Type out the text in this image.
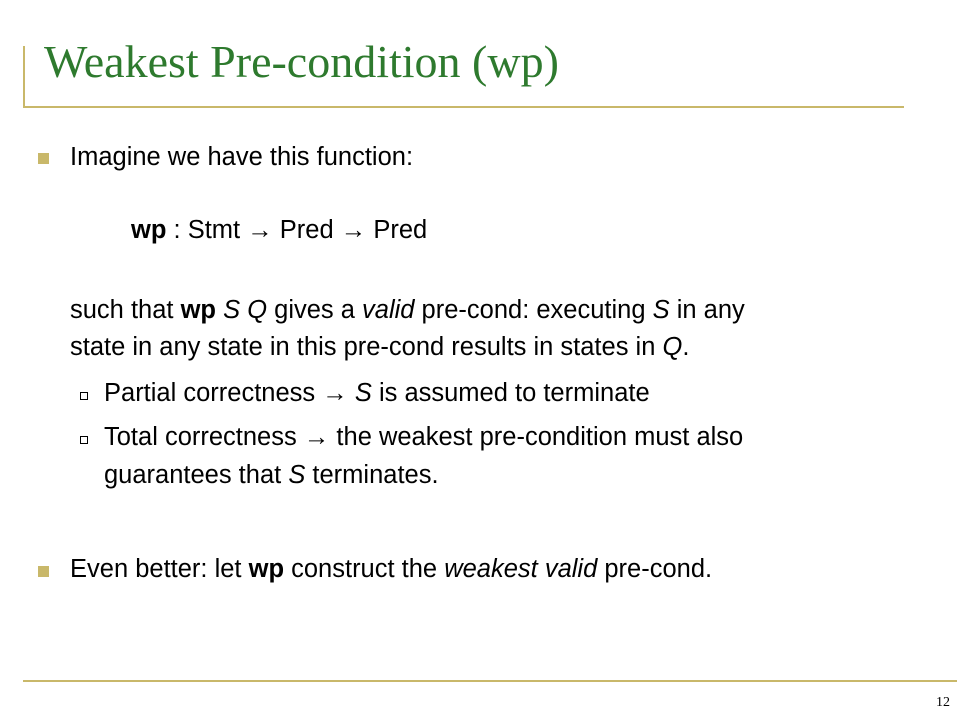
Weakest Pre-condition (wp)
Imagine we have this function:
wp : Stmt → Pred → Pred
such that wp S Q gives a valid pre-cond: executing S in any
state in any state in this pre-cond results in states in Q.
Partial correctness → S is assumed to terminate
Total correctness → the weakest pre-condition must also
guarantees that S terminates.
Even better: let wp construct the weakest valid pre-cond.
12
